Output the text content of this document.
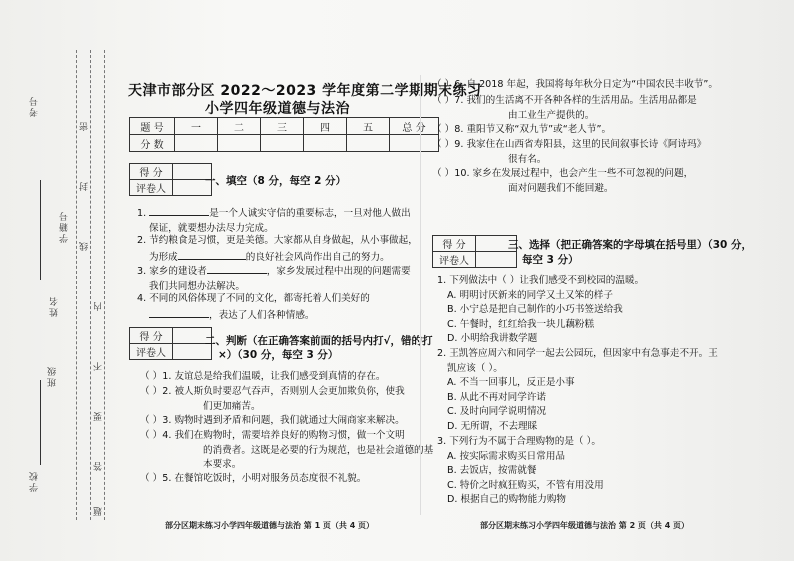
学校
班级
姓名
学籍号
考号
密
封
线
内
不
要
答
题
天津市部分区 2022～2023 学年度第二学期期末练习
小学四年级道德与法治
题 号	一	二	三	四	五	总 分
分 数						
得 分	
评卷人	
一、填空（8 分，每空 2 分）
1.	是一个人诚实守信的重要标志，一旦对他人做出
保证，就要想办法尽力完成。
2. 节约粮食是习惯，更是美德。大家都从自身做起，从小事做起，
为形成	的良好社会风尚作出自己的努力。
3. 家乡的建设者	，家乡发展过程中出现的问题需要
我们共同想办法解决。
4. 不同的风俗体现了不同的文化，都寄托着人们美好的
，表达了人们各种情感。
得 分	
评卷人	
二、判断（在正确答案前面的括号内打√，错的打
×）（30 分，每空 3 分）
（ ）1. 友谊总是给我们温暖，让我们感受到真情的存在。
（ ）2. 被人斯负时要忍气吞声，否则别人会更加欺负你，使我
们更加痛苦。
（ ）3. 购物时遇到矛盾和问题，我们就通过大闹商家来解决。
（ ）4. 我们在购物时，需要培养良好的购物习惯，做一个文明
的消费者。这既是必要的行为规范，也是社会道德的基
本要求。
（ ）5. 在餐馆吃饭时，小明对服务员态度很不礼貌。
部分区期末练习小学四年级道德与法治 第 1 页（共 4 页）
（ ）6. 自 2018 年起，我国将每年秋分日定为“中国农民丰收节”。
（ ）7. 我们的生活离不开各种各样的生活用品。生活用品都是
由工业生产提供的。
（ ）8. 重阳节又称“双九节”或“老人节”。
（ ）9. 我家住在山西省寿阳县，这里的民间叙事长诗《阿诗玛》
很有名。
（ ）10. 家乡在发展过程中，也会产生一些不可忽视的问题，
面对问题我们不能回避。
得 分	
评卷人	
三、选择（把正确答案的字母填在括号里）（30 分，
每空 3 分）
1. 下列做法中（ ）让我们感受不到校园的温暖。
A. 明明讨厌新来的同学又土又笨的样子
B. 小宁总是把自己制作的小巧书签送给我
C. 午餐时，红红给我一块儿藕粉糕
D. 小明给我讲数学题
2. 王凯答应周六和同学一起去公园玩，但因家中有急事走不开。王
凯应该（ ）。
A. 不当一回事儿，反正是小事
B. 从此不再对同学许诺
C. 及时向同学说明情况
D. 无所谓，不去理睬
3. 下列行为不属于合理购物的是（ ）。
A. 按实际需求购买日常用品
B. 去饭店，按需就餐
C. 特价之时疯狂购买，不管有用没用
D. 根据自己的购物能力购物
部分区期末练习小学四年级道德与法治 第 2 页（共 4 页）
